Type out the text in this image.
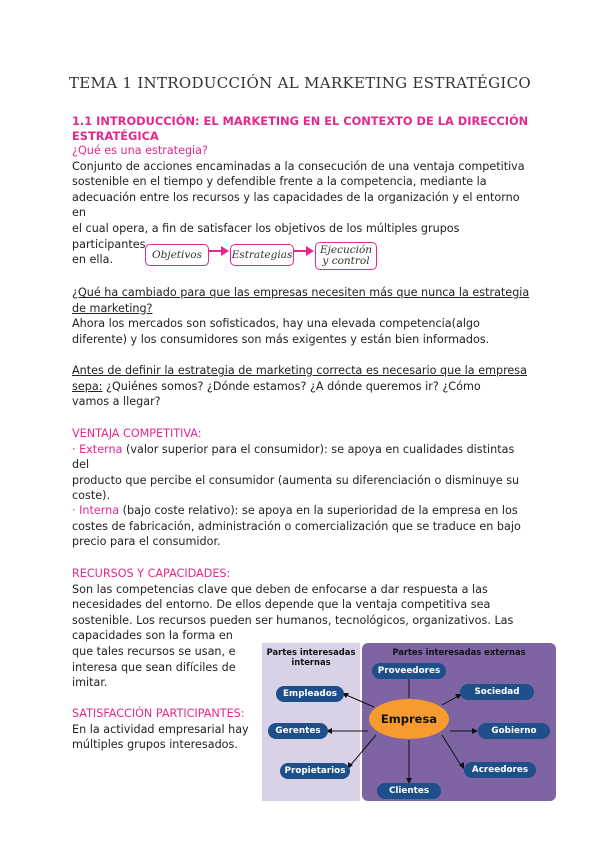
TEMA 1 INTRODUCCIÓN AL MARKETING ESTRATÉGICO

1.1 INTRODUCCIÓN: EL MARKETING EN EL CONTEXTO DE LA DIRECCIÓN

ESTRATÉGICA

¿Qué es una estrategia?

Conjunto de acciones encaminadas a la consecución de una ventaja competitiva

sostenible en el tiempo y defendible frente a la competencia, mediante la

adecuación entre los recursos y las capacidades de la organización y el entorno en

el cual opera, a fin de satisfacer los objetivos de los múltiples grupos participantes

en ella.	Objetivos	Estrategias	Ejecución
y control

¿Qué ha cambiado para que las empresas necesiten más que nunca la estrategia

de marketing?

Ahora los mercados son sofisticados, hay una elevada competencia(algo

diferente) y los consumidores son más exigentes y están bien informados.

Antes de definir la estrategia de marketing correcta es necesario que la empresa

sepa: ¿Quiénes somos? ¿Dónde estamos? ¿A dónde queremos ir? ¿Cómo

vamos a llegar?

VENTAJA COMPETITIVA:

· Externa (valor superior para el consumidor): se apoya en cualidades distintas del

producto que percibe el consumidor (aumenta su diferenciación o disminuye su

coste).

· Interna (bajo coste relativo): se apoya en la superioridad de la empresa en los

costes de fabricación, administración o comercialización que se traduce en bajo

precio para el consumidor.

RECURSOS Y CAPACIDADES:

Son las competencias clave que deben de enfocarse a dar respuesta a las

necesidades del entorno. De ellos depende que la ventaja competitiva sea

sostenible. Los recursos pueden ser humanos, tecnológicos, organizativos. Las

capacidades son la forma en

que tales recursos se usan, e

interesa que sean difíciles de

imitar.

SATISFACCIÓN PARTICIPANTES:

En la actividad empresarial hay

múltiples grupos interesados.

Partes interesadas
internas
Partes interesadas externas
Empresa
Empleados
Gerentes
Propietarios
Proveedores
Sociedad
Gobierno
Acreedores
Clientes
